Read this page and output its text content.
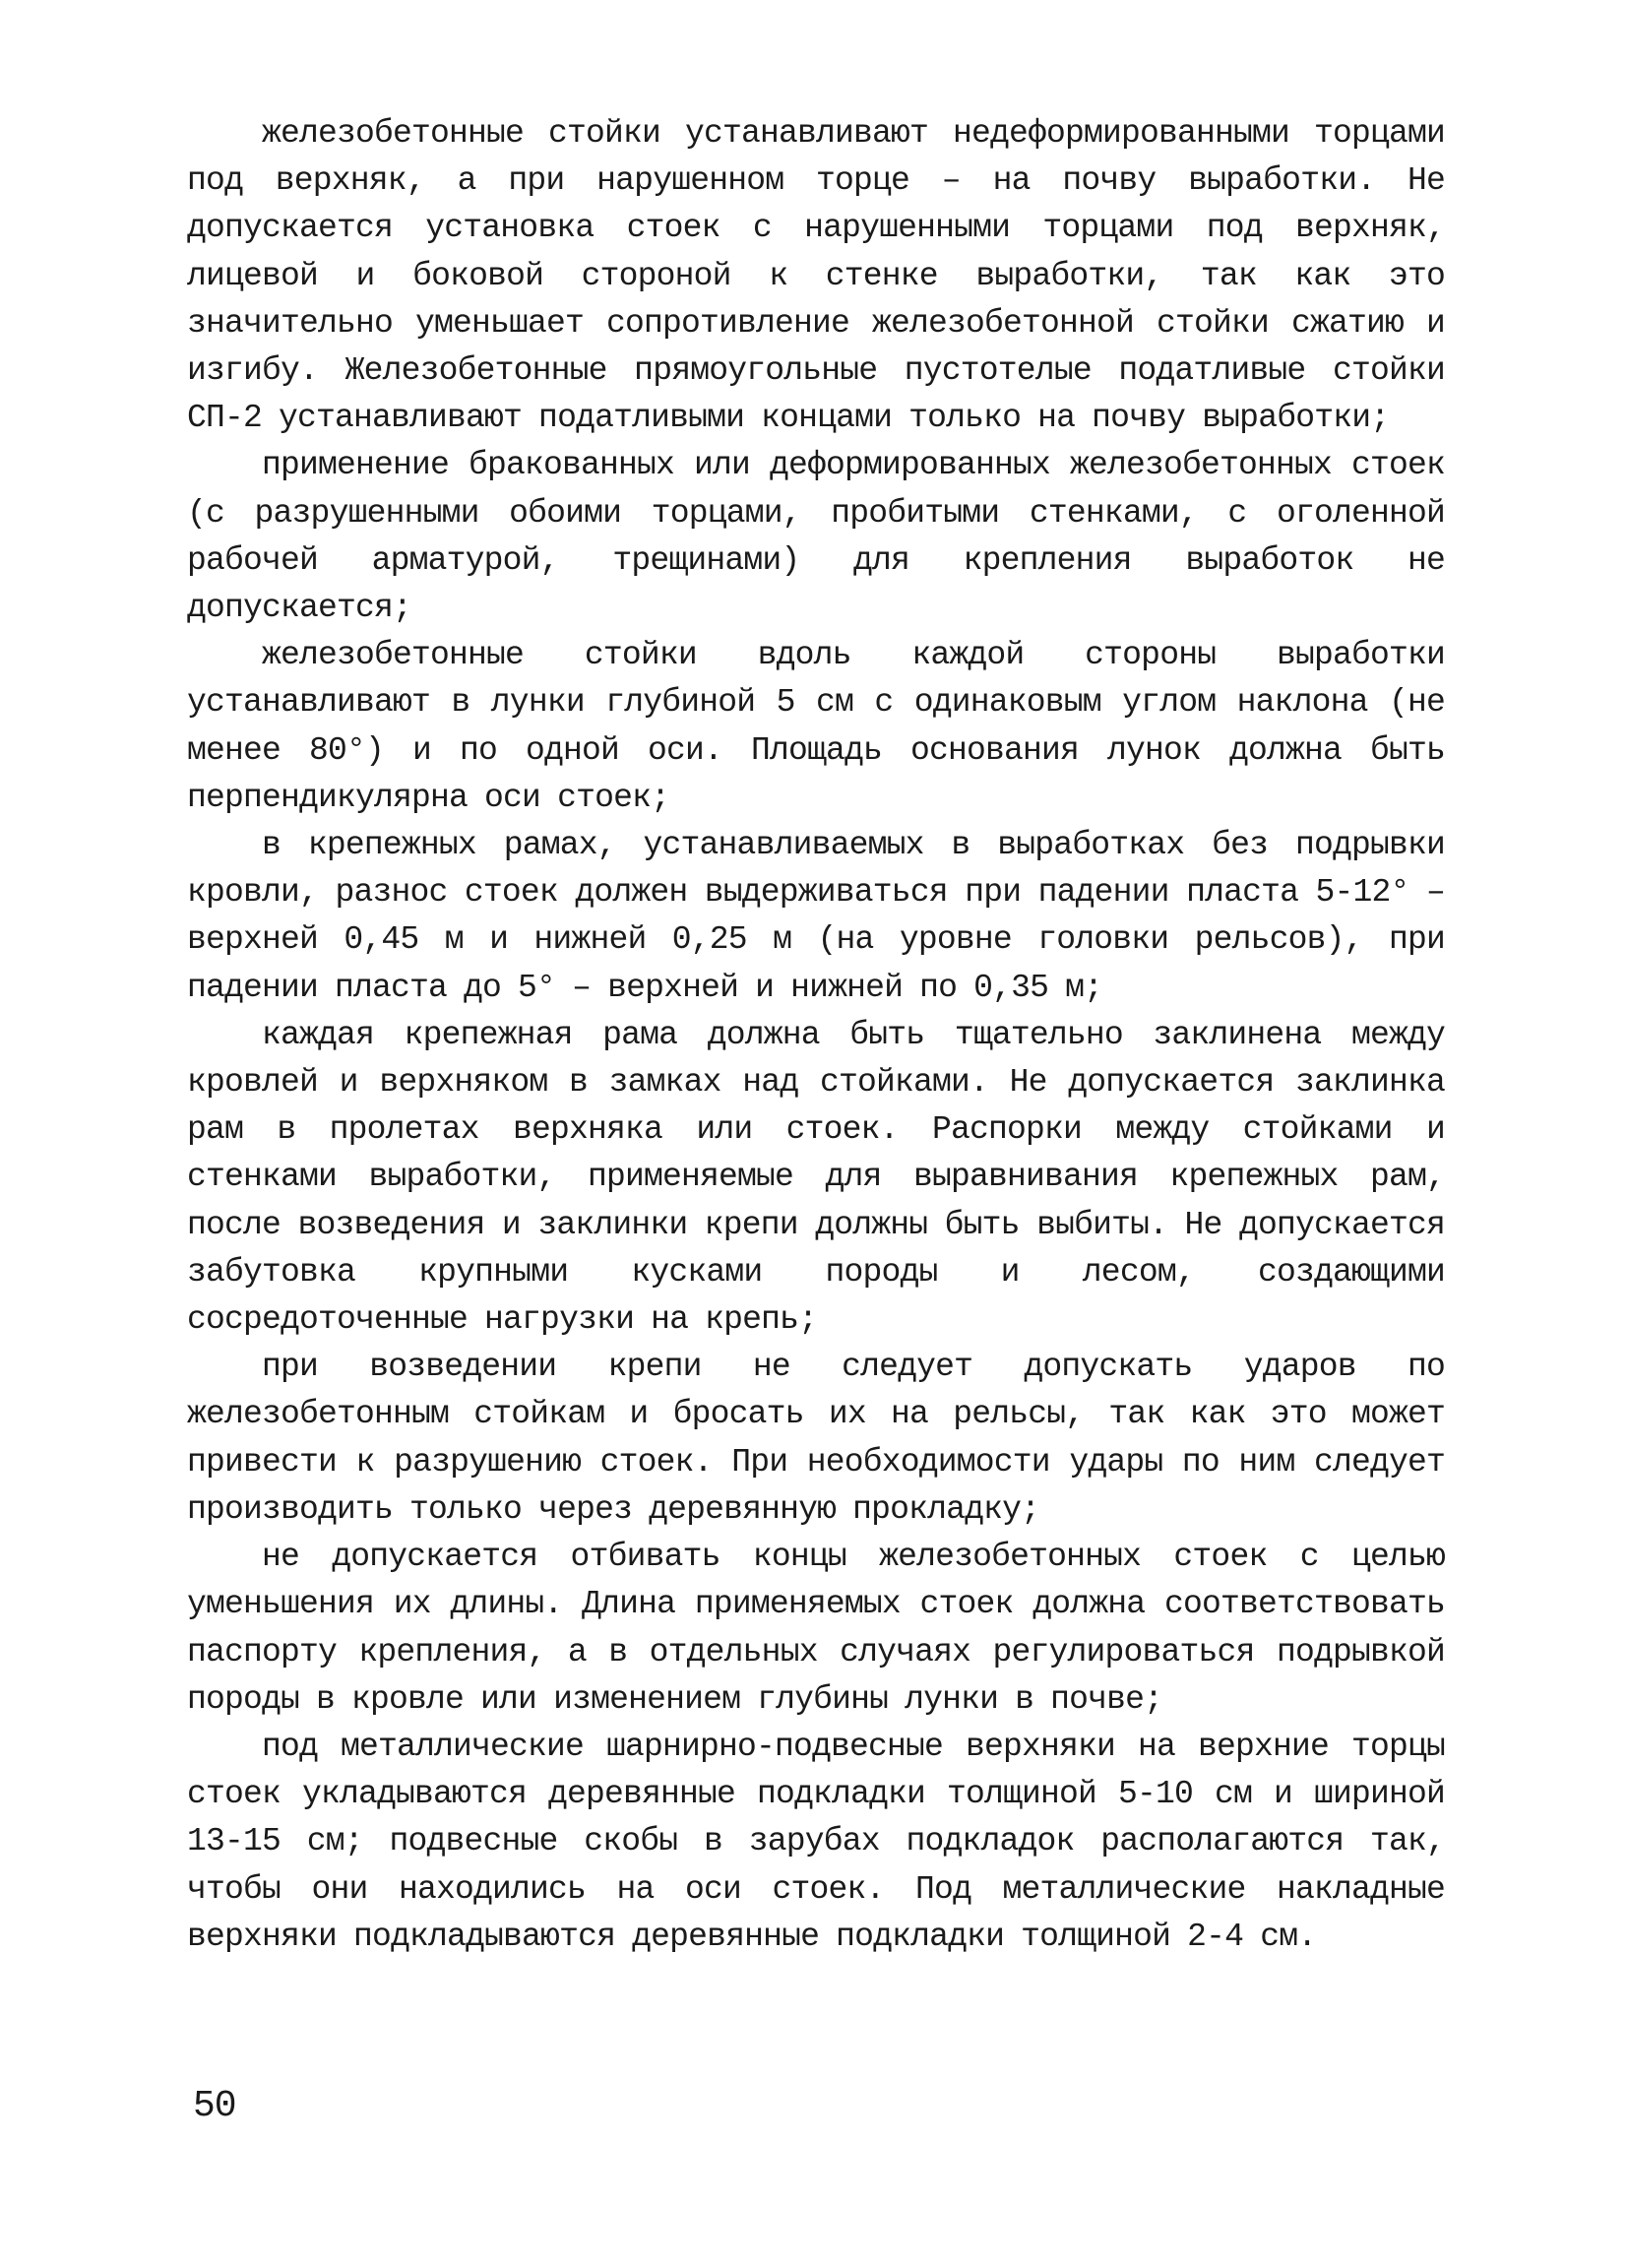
железобетонные стойки устанавливают недеформированными торцами под верхняк, а при нарушенном торце – на почву выработки. Не допускается установка стоек с нарушенными торцами под верхняк, лицевой и боковой стороной к стенке выработки, так как это значительно уменьшает сопротивление железобетонной стойки сжатию и изгибу. Железобетонные прямоугольные пустотелые податливые стойки СП-2 устанавливают податливыми концами только на почву выработки;

применение бракованных или деформированных железобетонных стоек (с разрушенными обоими торцами, пробитыми стенками, с оголенной рабочей арматурой, трещинами) для крепления выработок не допускается;

железобетонные стойки вдоль каждой стороны выработки устанавливают в лунки глубиной 5 см с одинаковым углом наклона (не менее 80°) и по одной оси. Площадь основания лунок должна быть перпендикулярна оси стоек;

в крепежных рамах, устанавливаемых в выработках без подрывки кровли, разнос стоек должен выдерживаться при падении пласта 5-12° – верхней 0,45 м и нижней 0,25 м (на уровне головки рельсов), при падении пласта до 5° – верхней и нижней по 0,35 м;

каждая крепежная рама должна быть тщательно заклинена между кровлей и верхняком в замках над стойками. Не допускается заклинка рам в пролетах верхняка или стоек. Распорки между стойками и стенками выработки, применяемые для выравнивания крепежных рам, после возведения и заклинки крепи должны быть выбиты. Не допускается забутовка крупными кусками породы и лесом, создающими сосредоточенные нагрузки на крепь;

при возведении крепи не следует допускать ударов по железобетонным стойкам и бросать их на рельсы, так как это может привести к разрушению стоек. При необходимости удары по ним следует производить только через деревянную прокладку;

не допускается отбивать концы железобетонных стоек с целью уменьшения их длины. Длина применяемых стоек должна соответствовать паспорту крепления, а в отдельных случаях регулироваться подрывкой породы в кровле или изменением глубины лунки в почве;

под металлические шарнирно-подвесные верхняки на верхние торцы стоек укладываются деревянные подкладки толщиной 5-10 см и шириной 13-15 см; подвесные скобы в зарубах подкладок располагаются так, чтобы они находились на оси стоек. Под металлические накладные верхняки подкладываются деревянные подкладки толщиной 2-4 см.

50
